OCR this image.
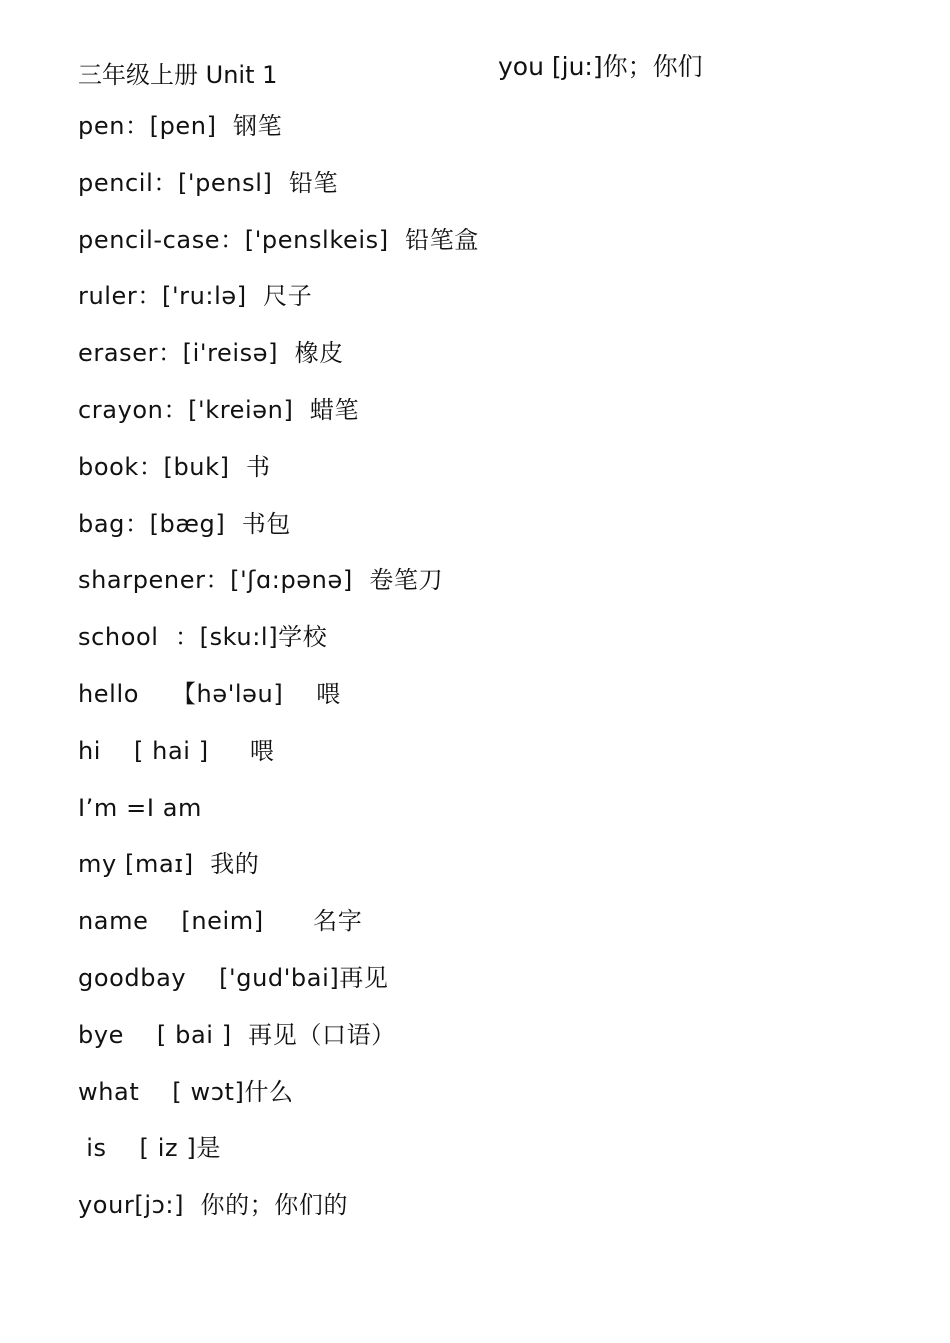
三年级上册 Unit 1	you [ju:]你；你们
pen：[pen]  钢笔
pencil：['pensl]  铅笔
pencil-case：['penslkeis]  铅笔盒
ruler：['ru:lə]  尺子
eraser：[i'reisə]  橡皮
crayon：['kreiən]  蜡笔
book：[buk]  书
bag：[bæg]  书包
sharpener：['ʃɑ:pənə]  卷笔刀
school  ：[sku:l]学校
hello    【hə'ləu]    喂
hi    [ hai ]     喂
I’m =I am
my [maɪ]  我的
name    [neim]      名字
goodbay    ['gud'bai]再见
bye    [ bai ]  再见（口语）
what    [ wɔt]什么
is    [ iz ]是
your[jɔ:]  你的；你们的
